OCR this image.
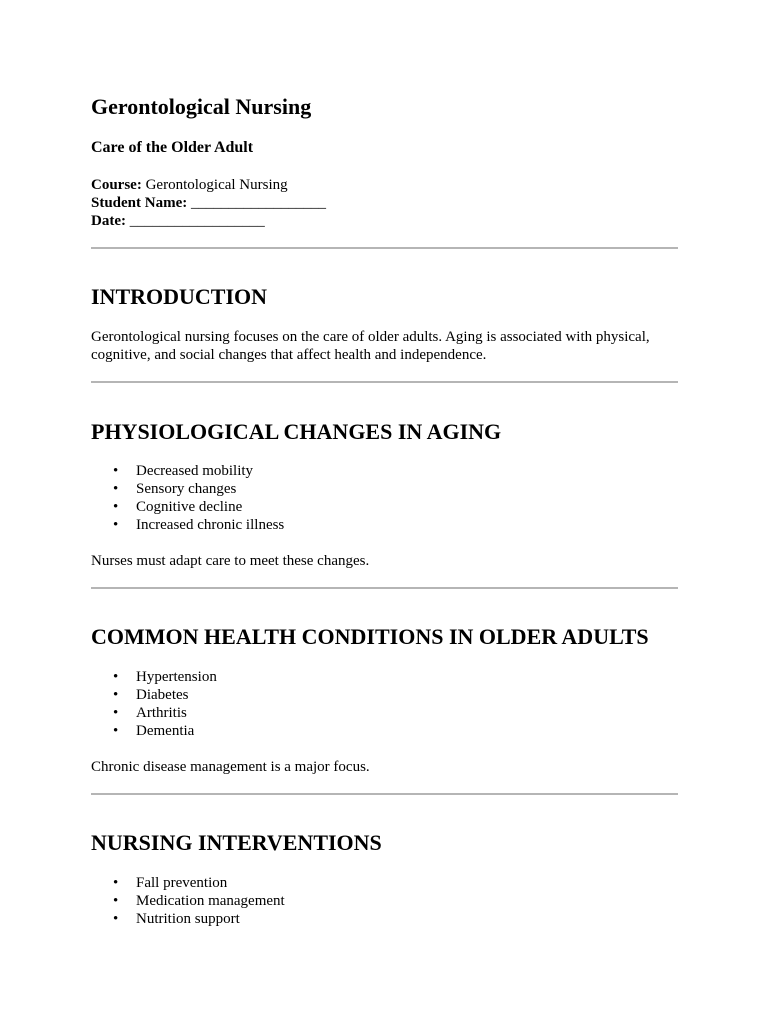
Gerontological Nursing
Care of the Older Adult
Course: Gerontological Nursing
Student Name: __________________
Date: __________________
INTRODUCTION

Gerontological nursing focuses on the care of older adults. Aging is associated with physical, cognitive, and social changes that affect health and independence.

PHYSIOLOGICAL CHANGES IN AGING
• Decreased mobility
• Sensory changes
• Cognitive decline
• Increased chronic illness

Nurses must adapt care to meet these changes.

COMMON HEALTH CONDITIONS IN OLDER ADULTS
• Hypertension
• Diabetes
• Arthritis
• Dementia

Chronic disease management is a major focus.

NURSING INTERVENTIONS
• Fall prevention
• Medication management
• Nutrition support
